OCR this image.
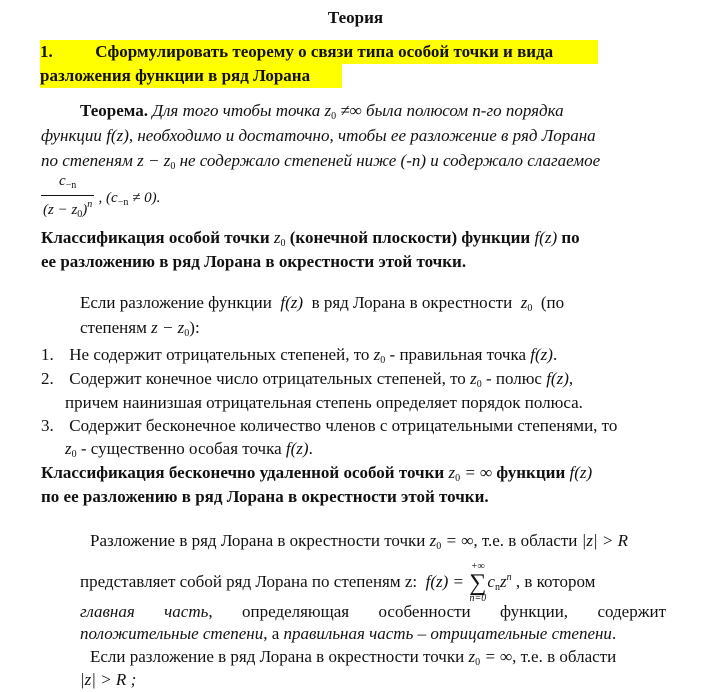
Теория
1.	Сформулировать теорему о связи типа особой точки и вида
разложения функции в ряд Лорана
Теорема. Для того чтобы точка $z_0$ ≠∞ была полюсом n-го порядка
функции f(z), необходимо и достаточно, чтобы ее разложение в ряд Лорана
по степеням $z - z_0$ не содержало степеней ниже (-n) и содержало слагаемое
$\frac{c_{-n}}{(z - z_0)^n}$ , $(c_{-n} \ne 0)$.
Классификация особой точки $z_0$ (конечной плоскости) функции f(z) по
ее разложению в ряд Лорана в окрестности этой точки.
Если разложение функции f(z) в ряд Лорана в окрестности $z_0$ (по
степеням $z - z_0$):
1. Не содержит отрицательных степеней, то $z_0$ - правильная точка f(z).
2. Содержит конечное число отрицательных степеней, то $z_0$ - полюс f(z),
причем наинизшая отрицательная степень определяет порядок полюса.
3. Содержит бесконечное количество членов с отрицательными степенями, то
$z_0$ - существенно особая точка f(z).
Классификация бесконечно удаленной особой точки $z_0$ = ∞ функции f(z)
по ее разложению в ряд Лорана в окрестности этой точки.
Разложение в ряд Лорана в окрестности точки $z_0$ = ∞, т.е. в области |z| > R
представляет собой ряд Лорана по степеням z: f(z) =
+∞
∑
n=0
$c_nz^n$ , в котором
главная часть, определяющая особенности функции, содержит
положительные степени, а правильная часть – отрицательные степени.
Если разложение в ряд Лорана в окрестности точки $z_0$ = ∞, т.е. в области
|z| > R ;
